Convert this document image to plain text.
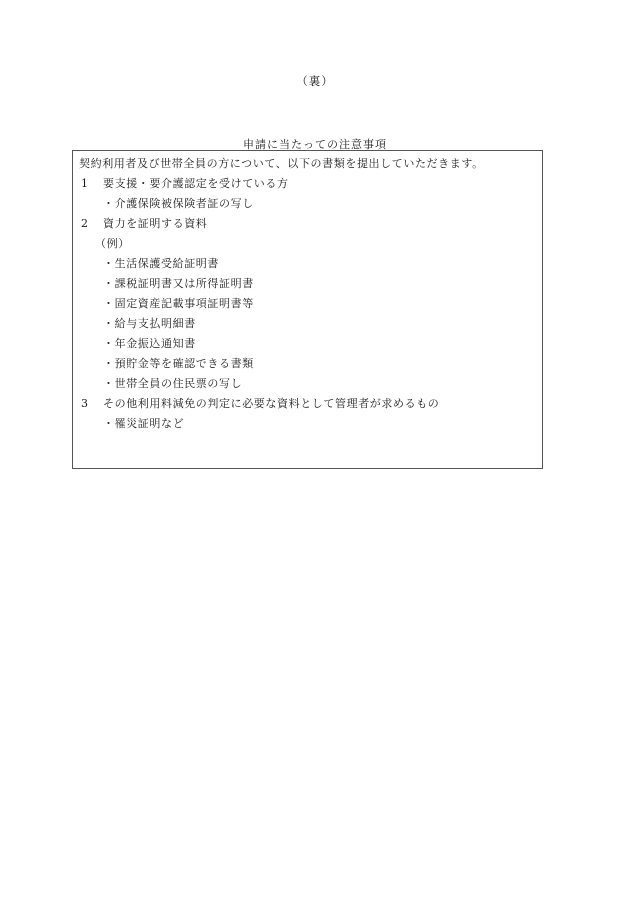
（裏）
申請に当たっての注意事項
契約利用者及び世帯全員の方について、以下の書類を提出していただきます。
1 要支援・要介護認定を受けている方
・介護保険被保険者証の写し
2 資力を証明する資料
（例）
・生活保護受給証明書
・課税証明書又は所得証明書
・固定資産記載事項証明書等
・給与支払明細書
・年金振込通知書
・預貯金等を確認できる書類
・世帯全員の住民票の写し
3 その他利用料減免の判定に必要な資料として管理者が求めるもの
・罹災証明など
